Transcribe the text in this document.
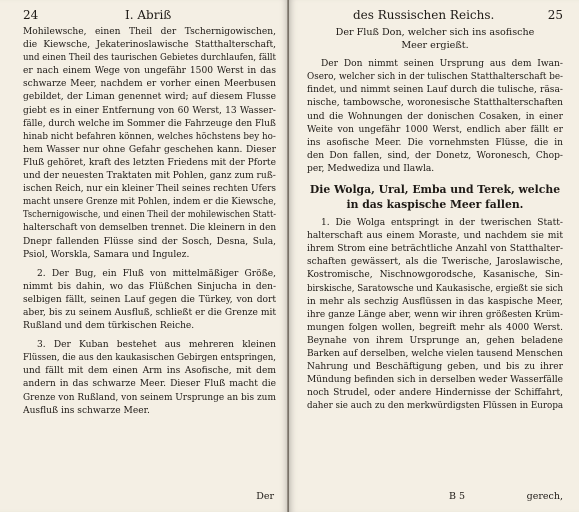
24	I. Abriß
Mohilewsche, einen Theil der Tschernigowischen,
die Kiewsche, Jekaterinoslawische Statthalterschaft,
und einen Theil des taurischen Gebietes durchlaufen, fällt
er nach einem Wege von ungefähr 1500 Werst in das
schwarze Meer, nachdem er vorher einen Meerbusen
gebildet, der Liman genennet wird; auf diesem Flusse
giebt es in einer Entfernung von 60 Werst, 13 Wasser-
fälle, durch welche im Sommer die Fahrzeuge den Fluß
hinab nicht befahren können, welches höchstens bey ho-
hem Wasser nur ohne Gefahr geschehen kann. Dieser
Fluß gehöret, kraft des letzten Friedens mit der Pforte
und der neuesten Traktaten mit Pohlen, ganz zum ruß-
ischen Reich, nur ein kleiner Theil seines rechten Ufers
macht unsere Grenze mit Pohlen, indem er die Kiewsche,
Tschernigowische, und einen Theil der mohilewischen Statt-
halterschaft von demselben trennet. Die kleinern in den
Dnepr fallenden Flüsse sind der Sosch, Desna, Sula,
Psiol, Worskla, Samara und Ingulez.
2. Der Bug, ein Fluß von mittelmäßiger Größe,
nimmt bis dahin, wo das Flüßchen Sinjucha in den-
selbigen fällt, seinen Lauf gegen die Türkey, von dort
aber, bis zu seinem Ausfluß, schließt er die Grenze mit
Rußland und dem türkischen Reiche.
3. Der Kuban bestehet aus mehreren kleinen
Flüssen, die aus den kaukasischen Gebirgen entspringen,
und fällt mit dem einen Arm ins Asofische, mit dem
andern in das schwarze Meer. Dieser Fluß macht die
Grenze von Rußland, von seinem Ursprunge an bis zum
Ausfluß ins schwarze Meer.
Der
des Russischen Reichs.	25
Der Fluß Don, welcher sich ins asofische
Meer ergießt.
Der Don nimmt seinen Ursprung aus dem Iwan-
Osero, welcher sich in der tulischen Statthalterschaft be-
findet, und nimmt seinen Lauf durch die tulische, räsa-
nische, tambowsche, woronesische Statthalterschaften
und die Wohnungen der donischen Cosaken, in einer
Weite von ungefähr 1000 Werst, endlich aber fällt er
ins asofische Meer. Die vornehmsten Flüsse, die in
den Don fallen, sind, der Donetz, Woronesch, Chop-
per, Medwediza und Ilawla.
Die Wolga, Ural, Emba und Terek, welche
in das kaspische Meer fallen.
1. Die Wolga entspringt in der twerischen Statt-
halterschaft aus einem Moraste, und nachdem sie mit
ihrem Strom eine beträchtliche Anzahl von Statthalter-
schaften gewässert, als die Twerische, Jaroslawische,
Kostromische, Nischnowgorodsche, Kasanische, Sin-
birskische, Saratowsche und Kaukasische, ergießt sie sich
in mehr als sechzig Ausflüssen in das kaspische Meer,
ihre ganze Länge aber, wenn wir ihren größesten Krüm-
mungen folgen wollen, begreift mehr als 4000 Werst.
Beynahe von ihrem Ursprunge an, gehen beladene
Barken auf derselben, welche vielen tausend Menschen
Nahrung und Beschäftigung geben, und bis zu ihrer
Mündung befinden sich in derselben weder Wasserfälle
noch Strudel, oder andere Hindernisse der Schiffahrt,
daher sie auch zu den merkwürdigsten Flüssen in Europa
B 5	gerech,
